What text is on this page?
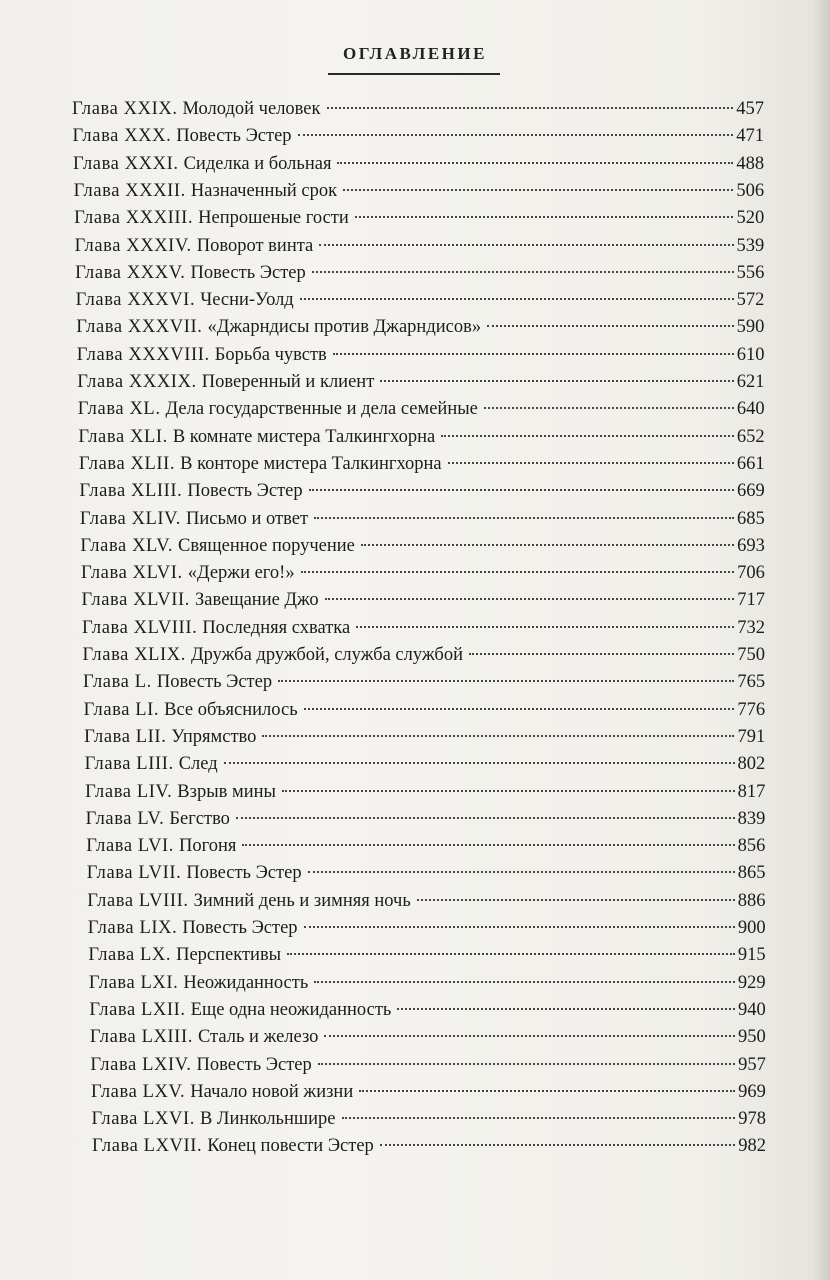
ОГЛАВЛЕНИЕ
Глава XXIX. Молодой человек	457
Глава XXX. Повесть Эстер	471
Глава XXXI. Сиделка и больная	488
Глава XXXII. Назначенный срок	506
Глава XXXIII. Непрошеные гости	520
Глава XXXIV. Поворот винта	539
Глава XXXV. Повесть Эстер	556
Глава XXXVI. Чесни-Уолд	572
Глава XXXVII. «Джарндисы против Джарндисов»	590
Глава XXXVIII. Борьба чувств	610
Глава XXXIX. Поверенный и клиент	621
Глава XL. Дела государственные и дела семейные	640
Глава XLI. В комнате мистера Талкингхорна	652
Глава XLII. В конторе мистера Талкингхорна	661
Глава XLIII. Повесть Эстер	669
Глава XLIV. Письмо и ответ	685
Глава XLV. Священное поручение	693
Глава XLVI. «Держи его!»	706
Глава XLVII. Завещание Джо	717
Глава XLVIII. Последняя схватка	732
Глава XLIX. Дружба дружбой, служба службой	750
Глава L. Повесть Эстер	765
Глава LI. Все объяснилось	776
Глава LII. Упрямство	791
Глава LIII. След	802
Глава LIV. Взрыв мины	817
Глава LV. Бегство	839
Глава LVI. Погоня	856
Глава LVII. Повесть Эстер	865
Глава LVIII. Зимний день и зимняя ночь	886
Глава LIX. Повесть Эстер	900
Глава LX. Перспективы	915
Глава LXI. Неожиданность	929
Глава LXII. Еще одна неожиданность	940
Глава LXIII. Сталь и железо	950
Глава LXIV. Повесть Эстер	957
Глава LXV. Начало новой жизни	969
Глава LXVI. В Линкольншире	978
Глава LXVII. Конец повести Эстер	982
